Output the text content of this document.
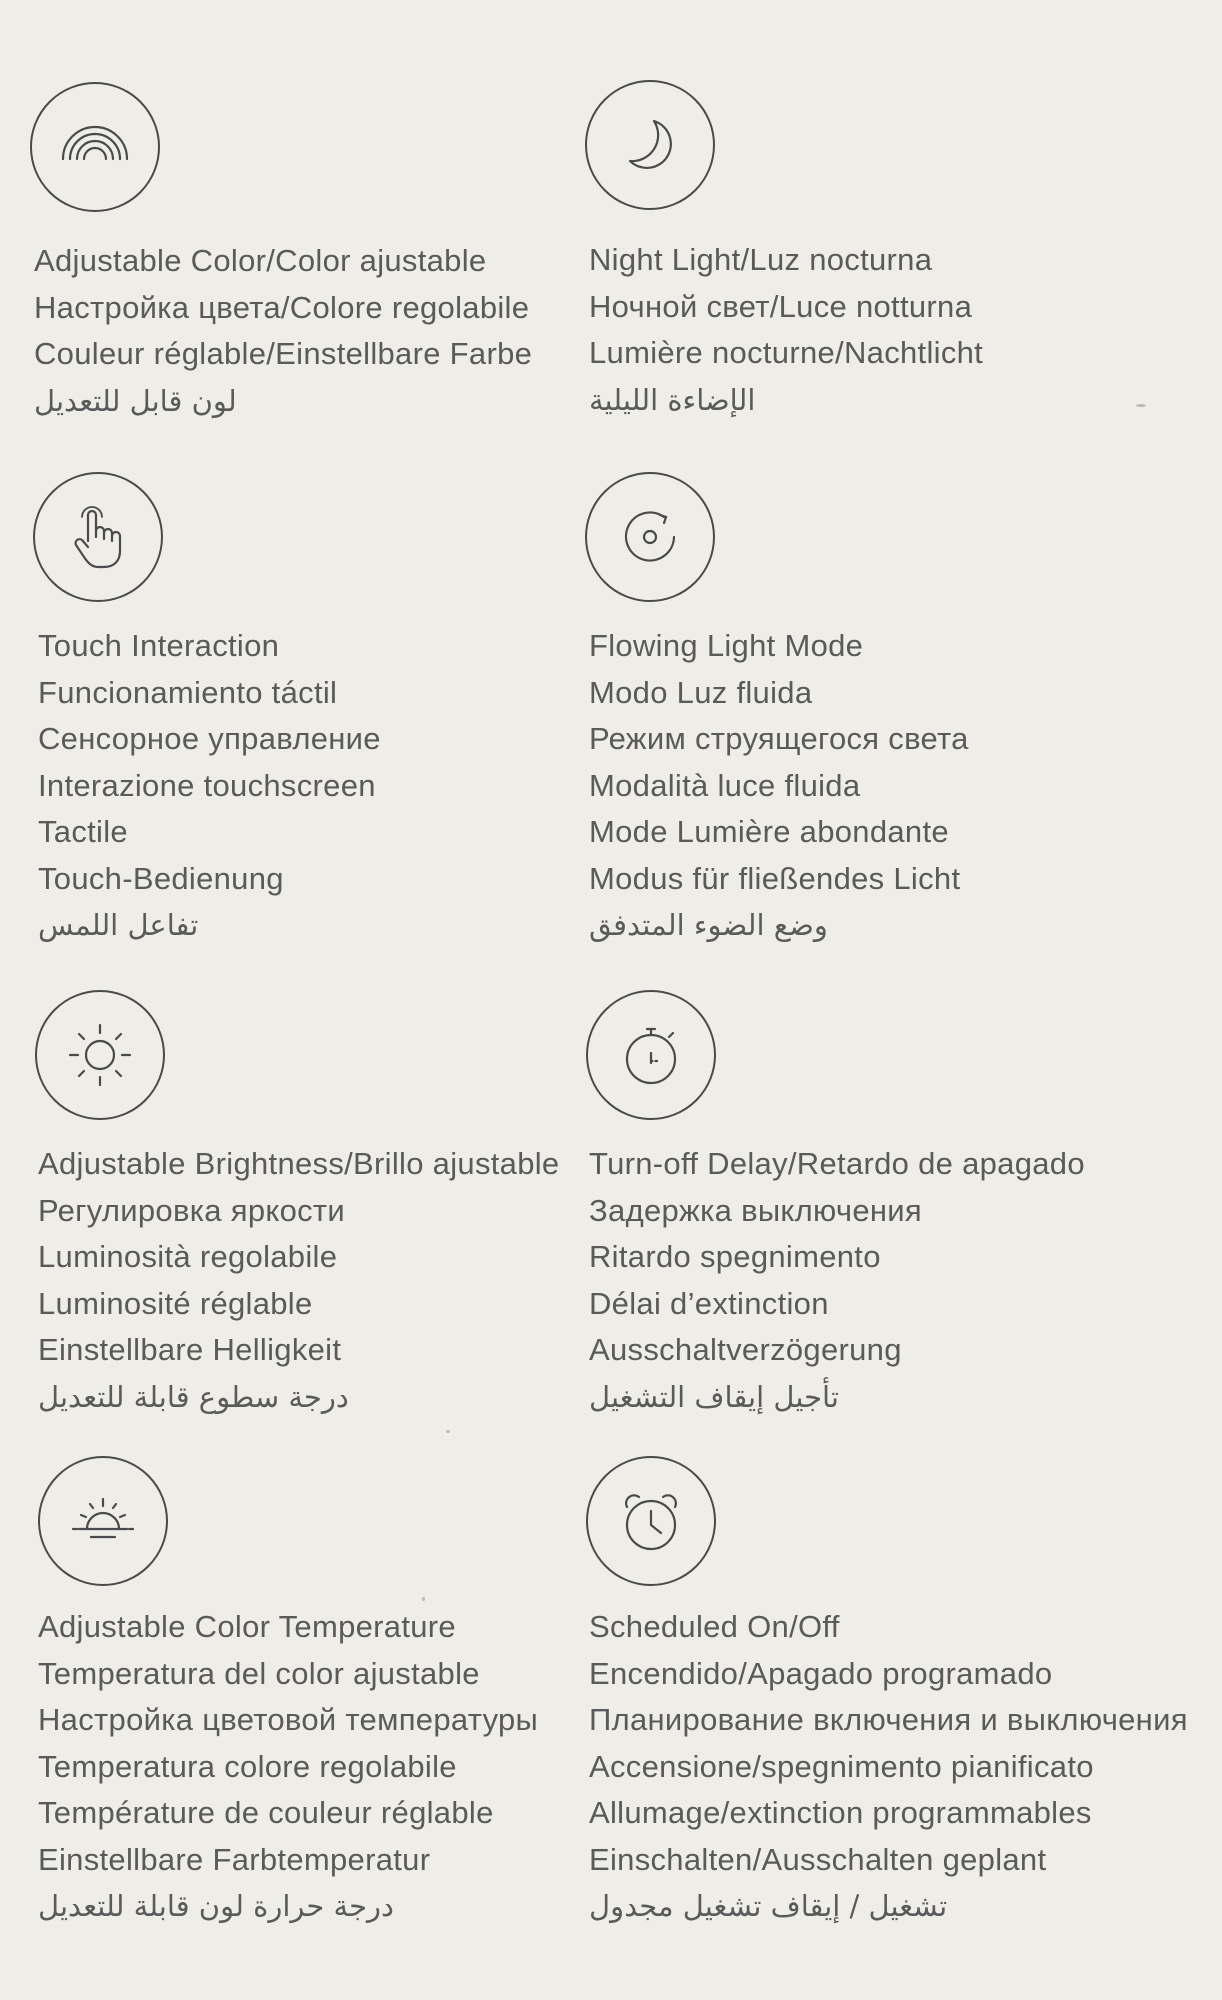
Adjustable Color/Color ajustable
Настройка цвета/Colore regolabile
Couleur réglable/Einstellbare Farbe
لون قابل للتعديل
Night Light/Luz nocturna
Ночной свет/Luce notturna
Lumière nocturne/Nachtlicht
الإضاءة الليلية
Touch Interaction
Funcionamiento táctil
Сенсорное управление
Interazione touchscreen
Tactile
Touch-Bedienung
تفاعل اللمس
Flowing Light Mode
Modo Luz fluida
Режим струящегося света
Modalità luce fluida
Mode Lumière abondante
Modus für fließendes Licht
وضع الضوء المتدفق
Adjustable Brightness/Brillo ajustable
Регулировка яркости
Luminosità regolabile
Luminosité réglable
Einstellbare Helligkeit
درجة سطوع قابلة للتعديل
Turn-off Delay/Retardo de apagado
Задержка выключения
Ritardo spegnimento
Délai d’extinction
Ausschaltverzögerung
تأجيل إيقاف التشغيل
Adjustable Color Temperature
Temperatura del color ajustable
Настройка цветовой температуры
Temperatura colore regolabile
Température de couleur réglable
Einstellbare Farbtemperatur
درجة حرارة لون قابلة للتعديل
Scheduled On/Off
Encendido/Apagado programado
Планирование включения и выключения
Accensione/spegnimento pianificato
Allumage/extinction programmables
Einschalten/Ausschalten geplant
تشغيل / إيقاف تشغيل مجدول
